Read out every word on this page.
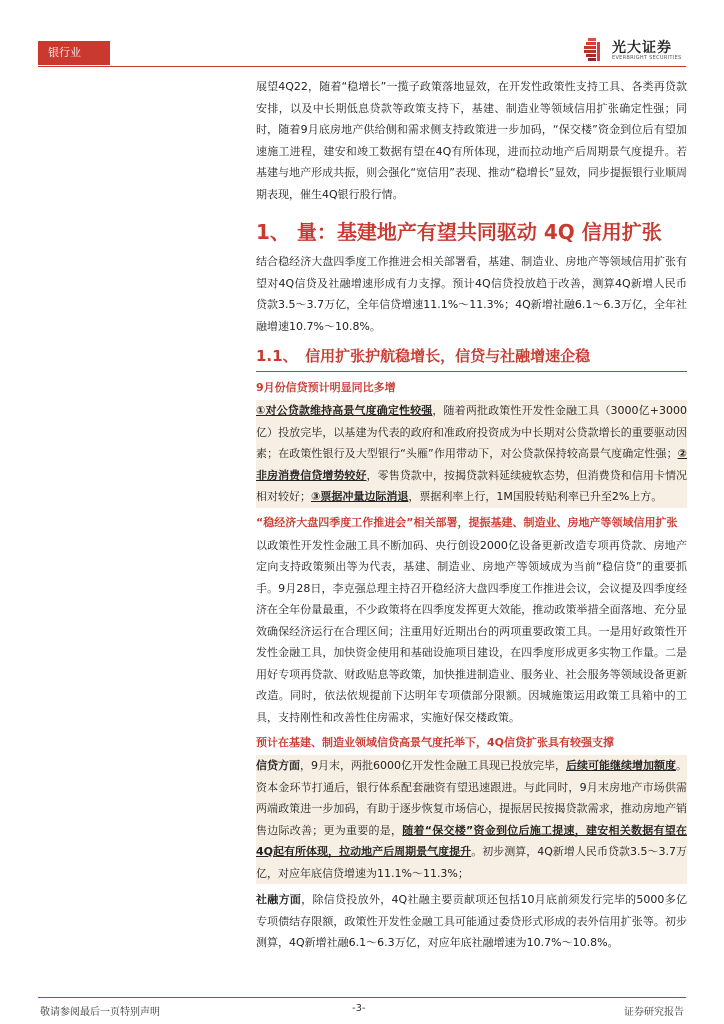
银行业	光大证券
EVERBRIGHT SECURITIES

展望4Q22，随着“稳增长”一揽子政策落地显效，在开发性政策性支持工具、各类再贷款安排，以及中长期低息贷款等政策支持下，基建、制造业等领域信用扩张确定性强；同时，随着9月底房地产供给侧和需求侧支持政策进一步加码，“保交楼”资金到位后有望加速施工进程，建安和竣工数据有望在4Q有所体现，进而拉动地产后周期景气度提升。若基建与地产形成共振，则会强化“宽信用”表现、推动“稳增长”显效，同步提振银行业顺周期表现，催生4Q银行股行情。

1、 量：基建地产有望共同驱动 4Q 信用扩张

结合稳经济大盘四季度工作推进会相关部署看，基建、制造业、房地产等领域信用扩张有望对4Q信贷及社融增速形成有力支撑。预计4Q信贷投放趋于改善，测算4Q新增人民币贷款3.5～3.7万亿，全年信贷增速11.1%～11.3%；4Q新增社融6.1～6.3万亿，全年社融增速10.7%～10.8%。

1.1、　信用扩张护航稳增长，信贷与社融增速企稳
9月份信贷预计明显同比多增

①对公贷款维持高景气度确定性较强，随着两批政策性开发性金融工具（3000亿+3000亿）投放完毕，以基建为代表的政府和准政府投资成为中长期对公贷款增长的重要驱动因素；在政策性银行及大型银行“头雁”作用带动下，对公贷款保持较高景气度确定性强；②非房消费信贷增势较好，零售贷款中，按揭贷款料延续疲软态势，但消费贷和信用卡情况相对较好；③票据冲量边际消退，票据利率上行，1M国股转贴利率已升至2%上方。

“稳经济大盘四季度工作推进会”相关部署，提振基建、制造业、房地产等领域信用扩张

以政策性开发性金融工具不断加码、央行创设2000亿设备更新改造专项再贷款、房地产定向支持政策频出等为代表，基建、制造业、房地产等领域成为当前“稳信贷”的重要抓手。9月28日，李克强总理主持召开稳经济大盘四季度工作推进会议，会议提及四季度经济在全年份量最重，不少政策将在四季度发挥更大效能，推动政策举措全面落地、充分显效确保经济运行在合理区间；注重用好近期出台的两项重要政策工具。一是用好政策性开发性金融工具，加快资金使用和基础设施项目建设，在四季度形成更多实物工作量。二是用好专项再贷款、财政贴息等政策，加快推进制造业、服务业、社会服务等领域设备更新改造。同时，依法依规提前下达明年专项债部分限额。因城施策运用政策工具箱中的工具，支持刚性和改善性住房需求，实施好保交楼政策。

预计在基建、制造业领域信贷高景气度托举下，4Q信贷扩张具有较强支撑

信贷方面，9月末，两批6000亿开发性金融工具现已投放完毕，后续可能继续增加额度。资本金环节打通后，银行体系配套融资有望迅速跟进。与此同时，9月末房地产市场供需两端政策进一步加码，有助于逐步恢复市场信心，提振居民按揭贷款需求，推动房地产销售边际改善；更为重要的是，随着“保交楼”资金到位后施工提速，建安相关数据有望在4Q起有所体现，拉动地产后周期景气度提升。初步测算，4Q新增人民币贷款3.5～3.7万亿，对应年底信贷增速为11.1%～11.3%；

社融方面，除信贷投放外，4Q社融主要贡献项还包括10月底前须发行完毕的5000多亿专项债结存限额，政策性开发性金融工具可能通过委贷形式形成的表外信用扩张等。初步测算，4Q新增社融6.1～6.3万亿，对应年底社融增速为10.7%～10.8%。

敬请参阅最后一页特别声明	-3-	证券研究报告
